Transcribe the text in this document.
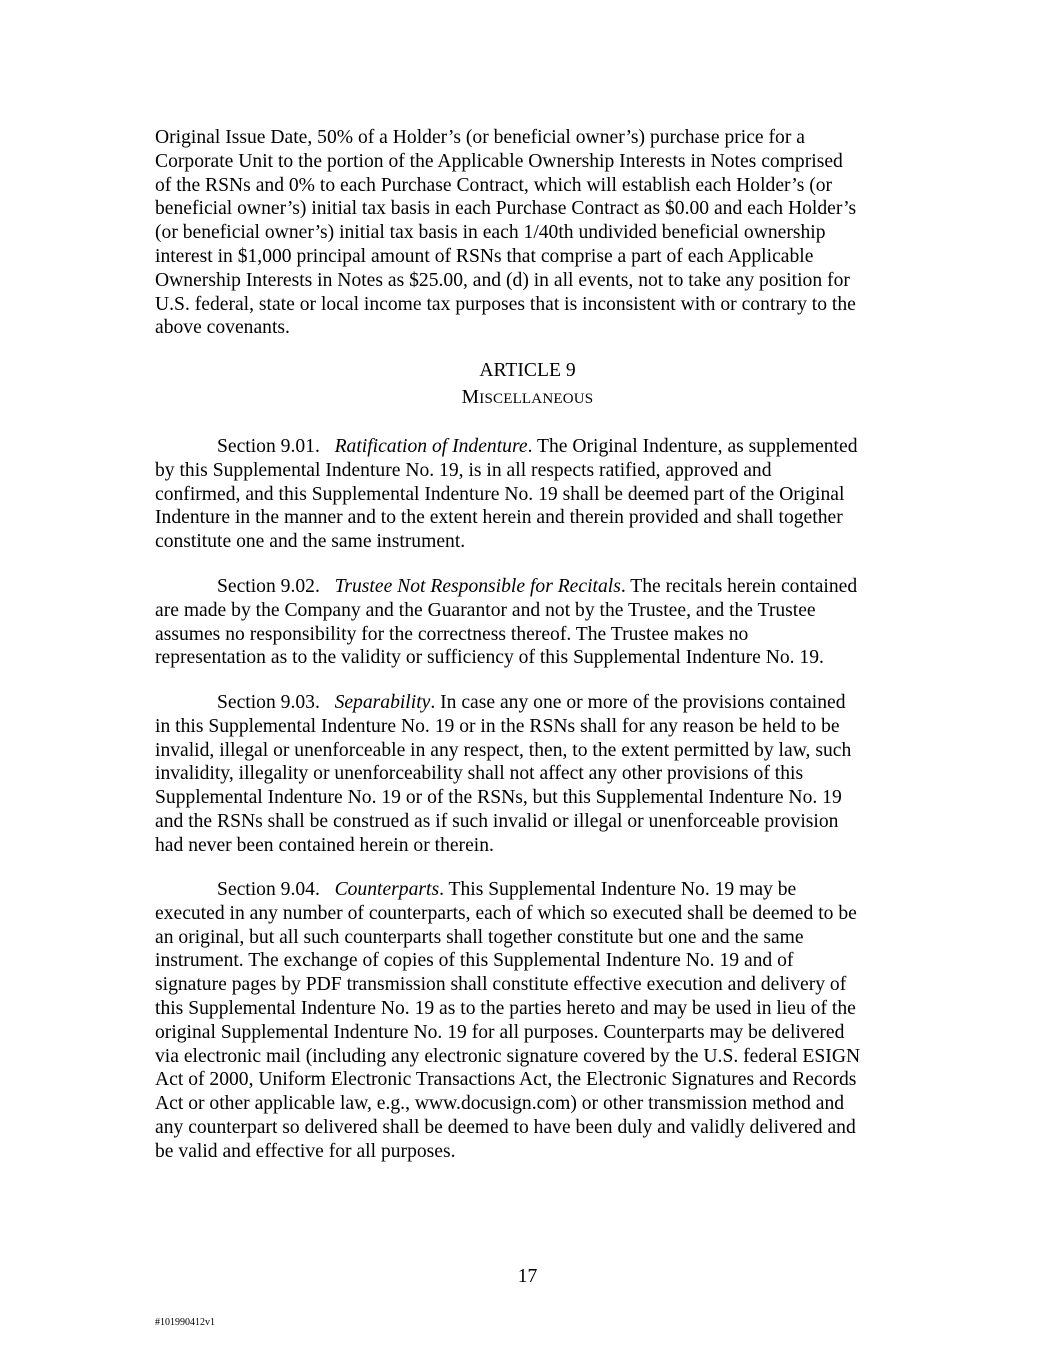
Original Issue Date, 50% of a Holder’s (or beneficial owner’s) purchase price for a
Corporate Unit to the portion of the Applicable Ownership Interests in Notes comprised
of the RSNs and 0% to each Purchase Contract, which will establish each Holder’s (or
beneficial owner’s) initial tax basis in each Purchase Contract as $0.00 and each Holder’s
(or beneficial owner’s) initial tax basis in each 1/40th undivided beneficial ownership
interest in $1,000 principal amount of RSNs that comprise a part of each Applicable
Ownership Interests in Notes as $25.00, and (d) in all events, not to take any position for
U.S. federal, state or local income tax purposes that is inconsistent with or contrary to the
above covenants.
ARTICLE 9
MISCELLANEOUS
Section 9.01. Ratification of Indenture. The Original Indenture, as supplemented
by this Supplemental Indenture No. 19, is in all respects ratified, approved and
confirmed, and this Supplemental Indenture No. 19 shall be deemed part of the Original
Indenture in the manner and to the extent herein and therein provided and shall together
constitute one and the same instrument.
Section 9.02. Trustee Not Responsible for Recitals. The recitals herein contained
are made by the Company and the Guarantor and not by the Trustee, and the Trustee
assumes no responsibility for the correctness thereof. The Trustee makes no
representation as to the validity or sufficiency of this Supplemental Indenture No. 19.
Section 9.03. Separability. In case any one or more of the provisions contained
in this Supplemental Indenture No. 19 or in the RSNs shall for any reason be held to be
invalid, illegal or unenforceable in any respect, then, to the extent permitted by law, such
invalidity, illegality or unenforceability shall not affect any other provisions of this
Supplemental Indenture No. 19 or of the RSNs, but this Supplemental Indenture No. 19
and the RSNs shall be construed as if such invalid or illegal or unenforceable provision
had never been contained herein or therein.
Section 9.04. Counterparts. This Supplemental Indenture No. 19 may be
executed in any number of counterparts, each of which so executed shall be deemed to be
an original, but all such counterparts shall together constitute but one and the same
instrument. The exchange of copies of this Supplemental Indenture No. 19 and of
signature pages by PDF transmission shall constitute effective execution and delivery of
this Supplemental Indenture No. 19 as to the parties hereto and may be used in lieu of the
original Supplemental Indenture No. 19 for all purposes. Counterparts may be delivered
via electronic mail (including any electronic signature covered by the U.S. federal ESIGN
Act of 2000, Uniform Electronic Transactions Act, the Electronic Signatures and Records
Act or other applicable law, e.g., www.docusign.com) or other transmission method and
any counterpart so delivered shall be deemed to have been duly and validly delivered and
be valid and effective for all purposes.
17
#101990412v1
